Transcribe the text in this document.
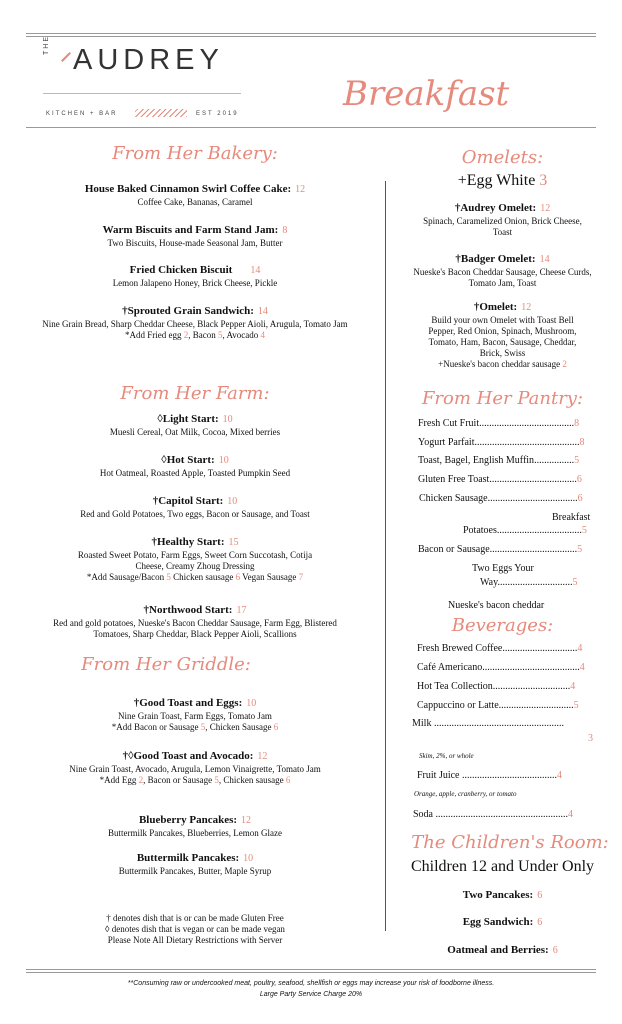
THE AUDREY
KITCHEN + BAR	EST 2019	Breakfast
From Her Bakery:
House Baked Cinnamon Swirl Coffee Cake: 12
Coffee Cake, Bananas, Caramel
Warm Biscuits and Farm Stand Jam: 8
Two Biscuits, House-made Seasonal Jam, Butter
Fried Chicken Biscuit 14
Lemon Jalapeno Honey, Brick Cheese, Pickle
†Sprouted Grain Sandwich: 14
Nine Grain Bread, Sharp Cheddar Cheese, Black Pepper Aioli, Arugula, Tomato Jam
*Add Fried egg 2, Bacon 5, Avocado 4
From Her Farm:
◊Light Start: 10
Muesli Cereal, Oat Milk, Cocoa, Mixed berries
◊Hot Start: 10
Hot Oatmeal, Roasted Apple, Toasted Pumpkin Seed
†Capitol Start: 10
Red and Gold Potatoes, Two eggs, Bacon or Sausage, and Toast
†Healthy Start: 15
Roasted Sweet Potato, Farm Eggs, Sweet Corn Succotash, Cotija Cheese, Creamy Zhoug Dressing
*Add Sausage/Bacon 5 Chicken sausage 6 Vegan Sausage 7
†Northwood Start: 17
Red and gold potatoes, Nueske's Bacon Cheddar Sausage, Farm Egg, Blistered Tomatoes, Sharp Cheddar, Black Pepper Aioli, Scallions
From Her Griddle:
†Good Toast and Eggs: 10
Nine Grain Toast, Farm Eggs, Tomato Jam
*Add Bacon or Sausage 5, Chicken Sausage 6
†◊Good Toast and Avocado: 12
Nine Grain Toast, Avocado, Arugula, Lemon Vinaigrette, Tomato Jam
*Add Egg 2, Bacon or Sausage 5, Chicken sausage 6
Blueberry Pancakes: 12
Buttermilk Pancakes, Blueberries, Lemon Glaze
Buttermilk Pancakes: 10
Buttermilk Pancakes, Butter, Maple Syrup
† denotes dish that is or can be made Gluten Free
◊ denotes dish that is vegan or can be made vegan
Please Note All Dietary Restrictions with Server
Omelets:
+Egg White 3
†Audrey Omelet: 12
Spinach, Caramelized Onion, Brick Cheese, Toast
†Badger Omelet: 14
Nueske's Bacon Cheddar Sausage, Cheese Curds, Tomato Jam, Toast
†Omelet: 12
Build your own Omelet with Toast Bell Pepper, Red Onion, Spinach, Mushroom, Tomato, Ham, Bacon, Sausage, Cheddar, Brick, Swiss
+Nueske's bacon cheddar sausage 2
From Her Pantry:
Fresh Cut Fruit......................................8
Yogurt Parfait..........................................8
Toast, Bagel, English Muffin................5
Gluten Free Toast...................................6
Chicken Sausage....................................6
Breakfast
Potatoes..................................5
Bacon or Sausage...................................5
Two Eggs Your
Way..............................5
Nueske's bacon cheddar
Beverages:
Fresh Brewed Coffee..............................4
Café Americano.......................................4
Hot Tea Collection...............................4
Cappuccino or Latte..............................5
Milk ....................................................
3
Skim, 2%, or whole
Fruit Juice ......................................4
Orange, apple, cranberry, or tomato
Soda .....................................................4
The Children's Room:
Children 12 and Under Only
Two Pancakes: 6
Egg Sandwich: 6
Oatmeal and Berries: 6
**Consuming raw or undercooked meat, poultry, seafood, shellfish or eggs may increase your risk of foodborne illness.
Large Party Service Charge 20%
